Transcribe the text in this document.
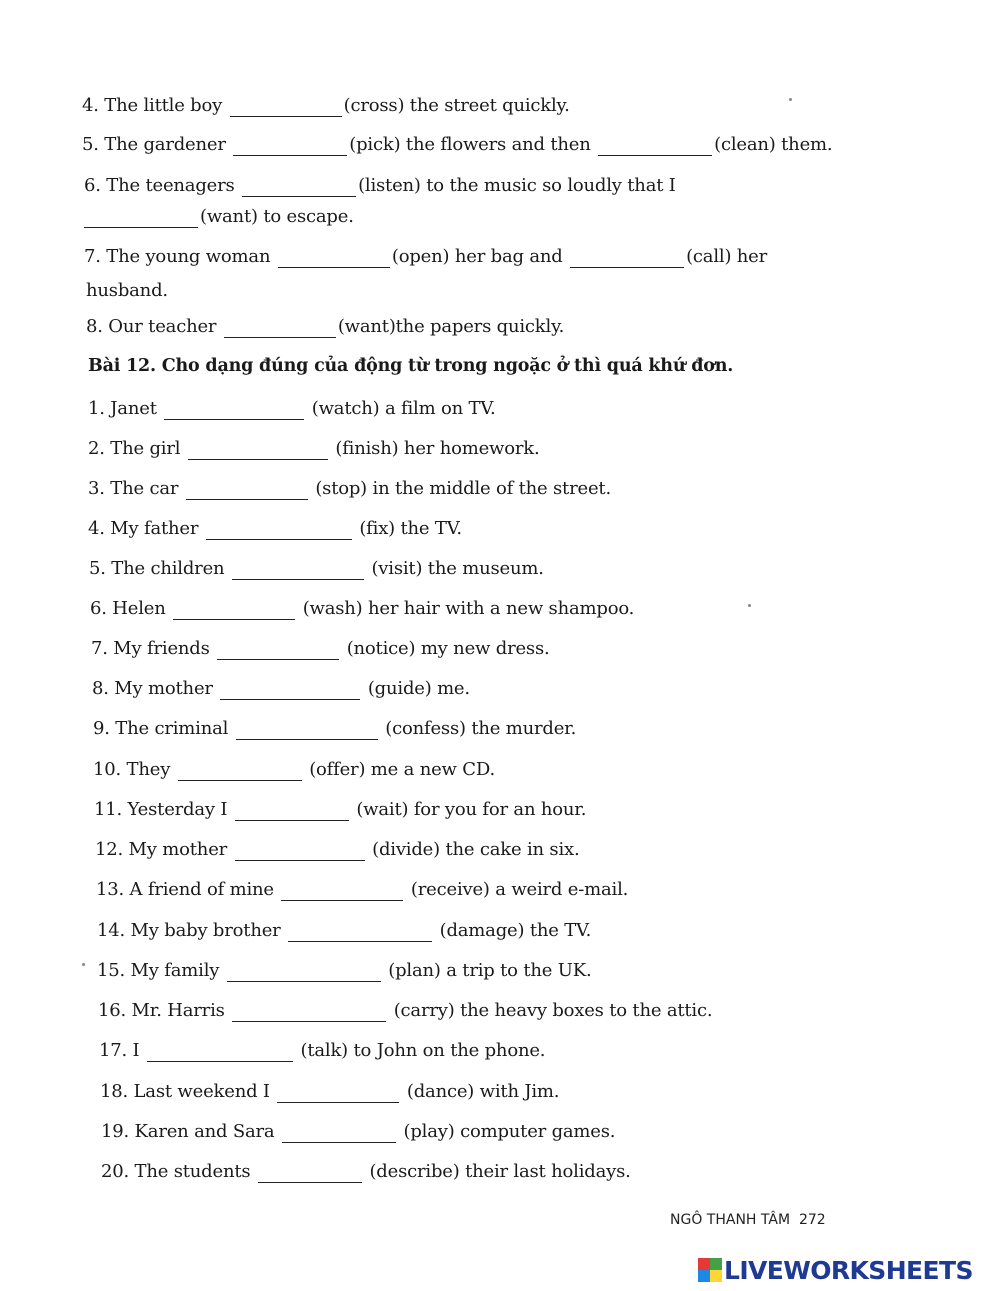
4. The little boy	(cross) the street quickly.
5. The gardener	(pick) the flowers and then	(clean) them.
6. The teenagers	(listen) to the music so loudly that I
(want) to escape.
7. The young woman	(open) her bag and	(call) her
husband.
8. Our teacher	(want)the papers quickly.
Bài 12. Cho dạng đúng của động từ trong ngoặc ở thì quá khứ đơn.
1. Janet	(watch) a film on TV.
2. The girl	(finish) her homework.
3. The car	(stop) in the middle of the street.
4. My father	(fix) the TV.
5. The children	(visit) the museum.
6. Helen	(wash) her hair with a new shampoo.
7. My friends	(notice) my new dress.
8. My mother	(guide) me.
9. The criminal	(confess) the murder.
10. They	(offer) me a new CD.
11. Yesterday I	(wait) for you for an hour.
12. My mother	(divide) the cake in six.
13. A friend of mine	(receive) a weird e-mail.
14. My baby brother	(damage) the TV.
15. My family	(plan) a trip to the UK.
16. Mr. Harris	(carry) the heavy boxes to the attic.
17. I	(talk) to John on the phone.
18. Last weekend I	(dance) with Jim.
19. Karen and Sara	(play) computer games.
20. The students	(describe) their last holidays.
NGÔ THANH TÂM 272
LIVEWORKSHEETS
